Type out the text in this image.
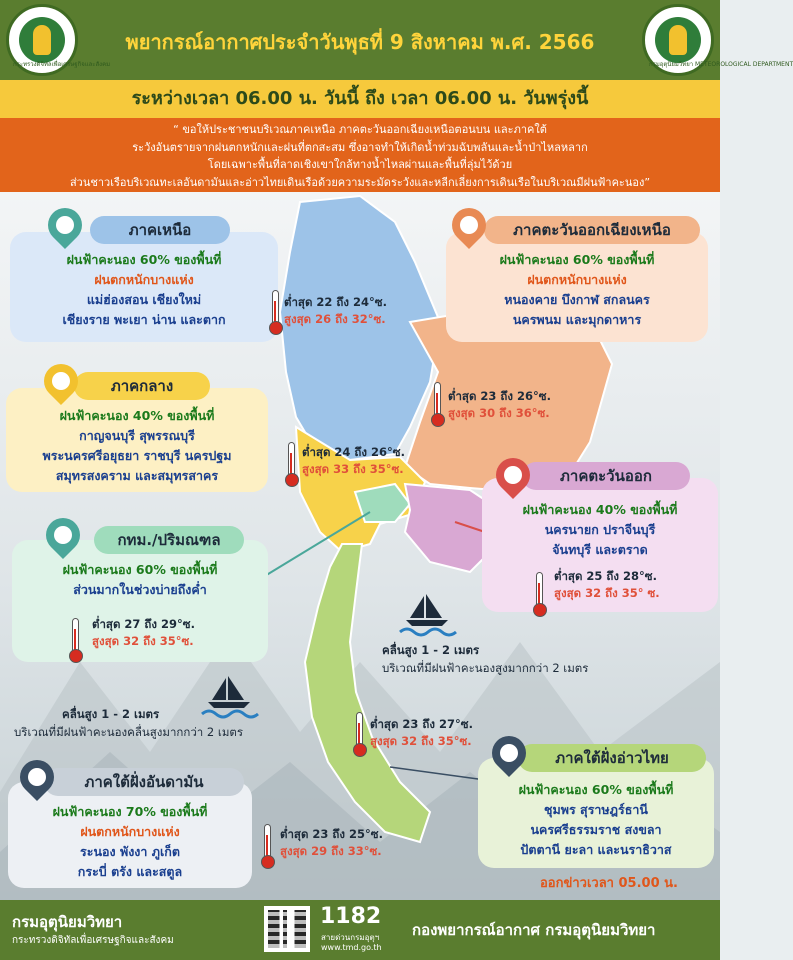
กระทรวงดิจิทัลเพื่อเศรษฐกิจและสังคม
พยากรณ์อากาศประจำวันพุธที่ 9 สิงหาคม พ.ศ. 2566
กรมอุตุนิยมวิทยา METEOROLOGICAL DEPARTMENT
ระหว่างเวลา 06.00 น. วันนี้ ถึง เวลา 06.00 น. วันพรุ่งนี้

“ ขอให้ประชาชนบริเวณภาคเหนือ ภาคตะวันออกเฉียงเหนือตอนบน และภาคใต้

ระวังอันตรายจากฝนตกหนักและฝนที่ตกสะสม ซึ่งอาจทำให้เกิดน้ำท่วมฉับพลันและน้ำป่าไหลหลาก

โดยเฉพาะพื้นที่ลาดเชิงเขาใกล้ทางน้ำไหลผ่านและพื้นที่ลุ่มไว้ด้วย

ส่วนชาวเรือบริเวณทะเลอันดามันและอ่าวไทยเดินเรือด้วยความระมัดระวังและหลีกเลี่ยงการเดินเรือในบริเวณมีฝนฟ้าคะนอง”

ภาคเหนือ

ฝนฟ้าคะนอง 60% ของพื้นที่

ฝนตกหนักบางแห่ง

แม่ฮ่องสอน เชียงใหม่

เชียงราย พะเยา น่าน และตาก

ต่ำสุด 22 ถึง 24°ซ.

สูงสุด 26 ถึง 32°ซ.

ภาคตะวันออกเฉียงเหนือ

ฝนฟ้าคะนอง 60% ของพื้นที่

ฝนตกหนักบางแห่ง

หนองคาย บึงกาฬ สกลนคร

นครพนม และมุกดาหาร

ต่ำสุด 23 ถึง 26°ซ.

สูงสุด 30 ถึง 36°ซ.

ภาคกลาง

ฝนฟ้าคะนอง 40% ของพื้นที่

กาญจนบุรี สุพรรณบุรี

พระนครศรีอยุธยา ราชบุรี นครปฐม

สมุทรสงคราม และสมุทรสาคร

ต่ำสุด 24 ถึง 26°ซ.

สูงสุด 33 ถึง 35°ซ.	ภาคตะวันออก

ฝนฟ้าคะนอง 40% ของพื้นที่

นครนายก ปราจีนบุรี

จันทบุรี และตราด

ต่ำสุด 25 ถึง 28°ซ.

สูงสุด 32 ถึง 35° ซ.

กทม./ปริมณฑล

ฝนฟ้าคะนอง 60% ของพื้นที่

ส่วนมากในช่วงบ่ายถึงค่ำ

ต่ำสุด 27 ถึง 29°ซ.

สูงสุด 32 ถึง 35°ซ.

คลื่นสูง 1 - 2 เมตร
บริเวณที่มีฝนฟ้าคะนองสูงมากกว่า 2 เมตร
คลื่นสูง 1 - 2 เมตร
บริเวณที่มีฝนฟ้าคะนองคลื่นสูงมากกว่า 2 เมตร

ต่ำสุด 23 ถึง 27°ซ.

สูงสุด 32 ถึง 35°ซ.

ภาคใต้ฝั่งอันดามัน

ฝนฟ้าคะนอง 70% ของพื้นที่

ฝนตกหนักบางแห่ง

ระนอง พังงา ภูเก็ต

กระบี่ ตรัง และสตูล

ต่ำสุด 23 ถึง 25°ซ.

สูงสุด 29 ถึง 33°ซ.

ภาคใต้ฝั่งอ่าวไทย

ฝนฟ้าคะนอง 60% ของพื้นที่

ชุมพร สุราษฎร์ธานี

นครศรีธรรมราช สงขลา

ปัตตานี ยะลา และนราธิวาส

ออกข่าวเวลา 05.00 น.
กรมอุตุนิยมวิทยา
กระทรวงดิจิทัลเพื่อเศรษฐกิจและสังคม
1182
สายด่วนกรมอุตุฯ
www.tmd.go.th
กองพยากรณ์อากาศ กรมอุตุนิยมวิทยา
